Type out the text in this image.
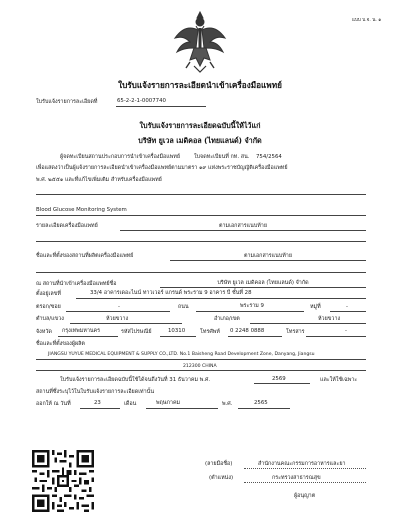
แบบ บ.จ. น. ๑
ใบรับแจ้งรายการละเอียดนำเข้าเครื่องมือแพทย์
ใบรับแจ้งรายการละเอียดที่	65-2-2-1-0007740
ใบรับแจ้งรายการละเอียดฉบับนี้ให้ไว้แก่
บริษัท ยูเวล เมดิคอล (ไทยแลนด์) จำกัด
ผู้จดทะเบียนสถานประกอบการนำเข้าเครื่องมือแพทย์	ใบจดทะเบียนที่ กท. สน. 754/2564
เพื่อแสดงว่าเป็นผู้แจ้งรายการละเอียดนำเข้าเครื่องมือแพทย์ตามมาตรา ๑๙ แห่งพระราชบัญญัติเครื่องมือแพทย์
พ.ศ. ๒๕๕๑ และที่แก้ไขเพิ่มเติม สำหรับเครื่องมือแพทย์
Blood Glucose Monitoring System
รายละเอียดเครื่องมือแพทย์	ตามเอกสารแนบท้าย
ชื่อและที่ตั้งของสถานที่ผลิตเครื่องมือแพทย์	ตามเอกสารแนบท้าย
ณ สถานที่นำเข้าเครื่องมือแพทย์ชื่อ	บริษัท ยูเวล เมดิคอล (ไทยแลนด์) จำกัด
ตั้งอยู่เลขที่	33/4 อาคารเดอะไนน์ ทาวเวอร์ แกรนด์ พระราม 9 อาคาร บี ชั้นที่ 28
ตรอก/ซอย	-	ถนน	พระราม 9	หมู่ที่	-
ตำบล/แขวง	ห้วยขวาง	อำเภอ/เขต	ห้วยขวาง
จังหวัด กรุงเทพมหานคร	รหัสไปรษณีย์	10310	โทรศัพท์ 0 2248 0888	โทรสาร	-
ชื่อและที่ตั้งของผู้ผลิต
JIANGSU YUYUE MEDICAL EQUIPMENT & SUPPLY CO.,LTD. No.1 Baisheng Road Development Zone, Danyang, Jiangsu
212300 CHINA
ใบรับแจ้งรายการละเอียดฉบับนี้ใช้ได้จนถึงวันที่ 31 ธันวาคม พ.ศ.	2569	และให้ใช้เฉพาะ
สถานที่ซึ่งระบุไว้ในใบรับแจ้งรายการละเอียดเท่านั้น
ออกให้ ณ วันที่	23	เดือน	พฤษภาคม	พ.ศ.	2565
(ลายมือชื่อ)	สำนักงานคณะกรรมการอาหารและยา
(ตำแหน่ง)	กระทรวงสาธารณสุข
ผู้อนุญาต
